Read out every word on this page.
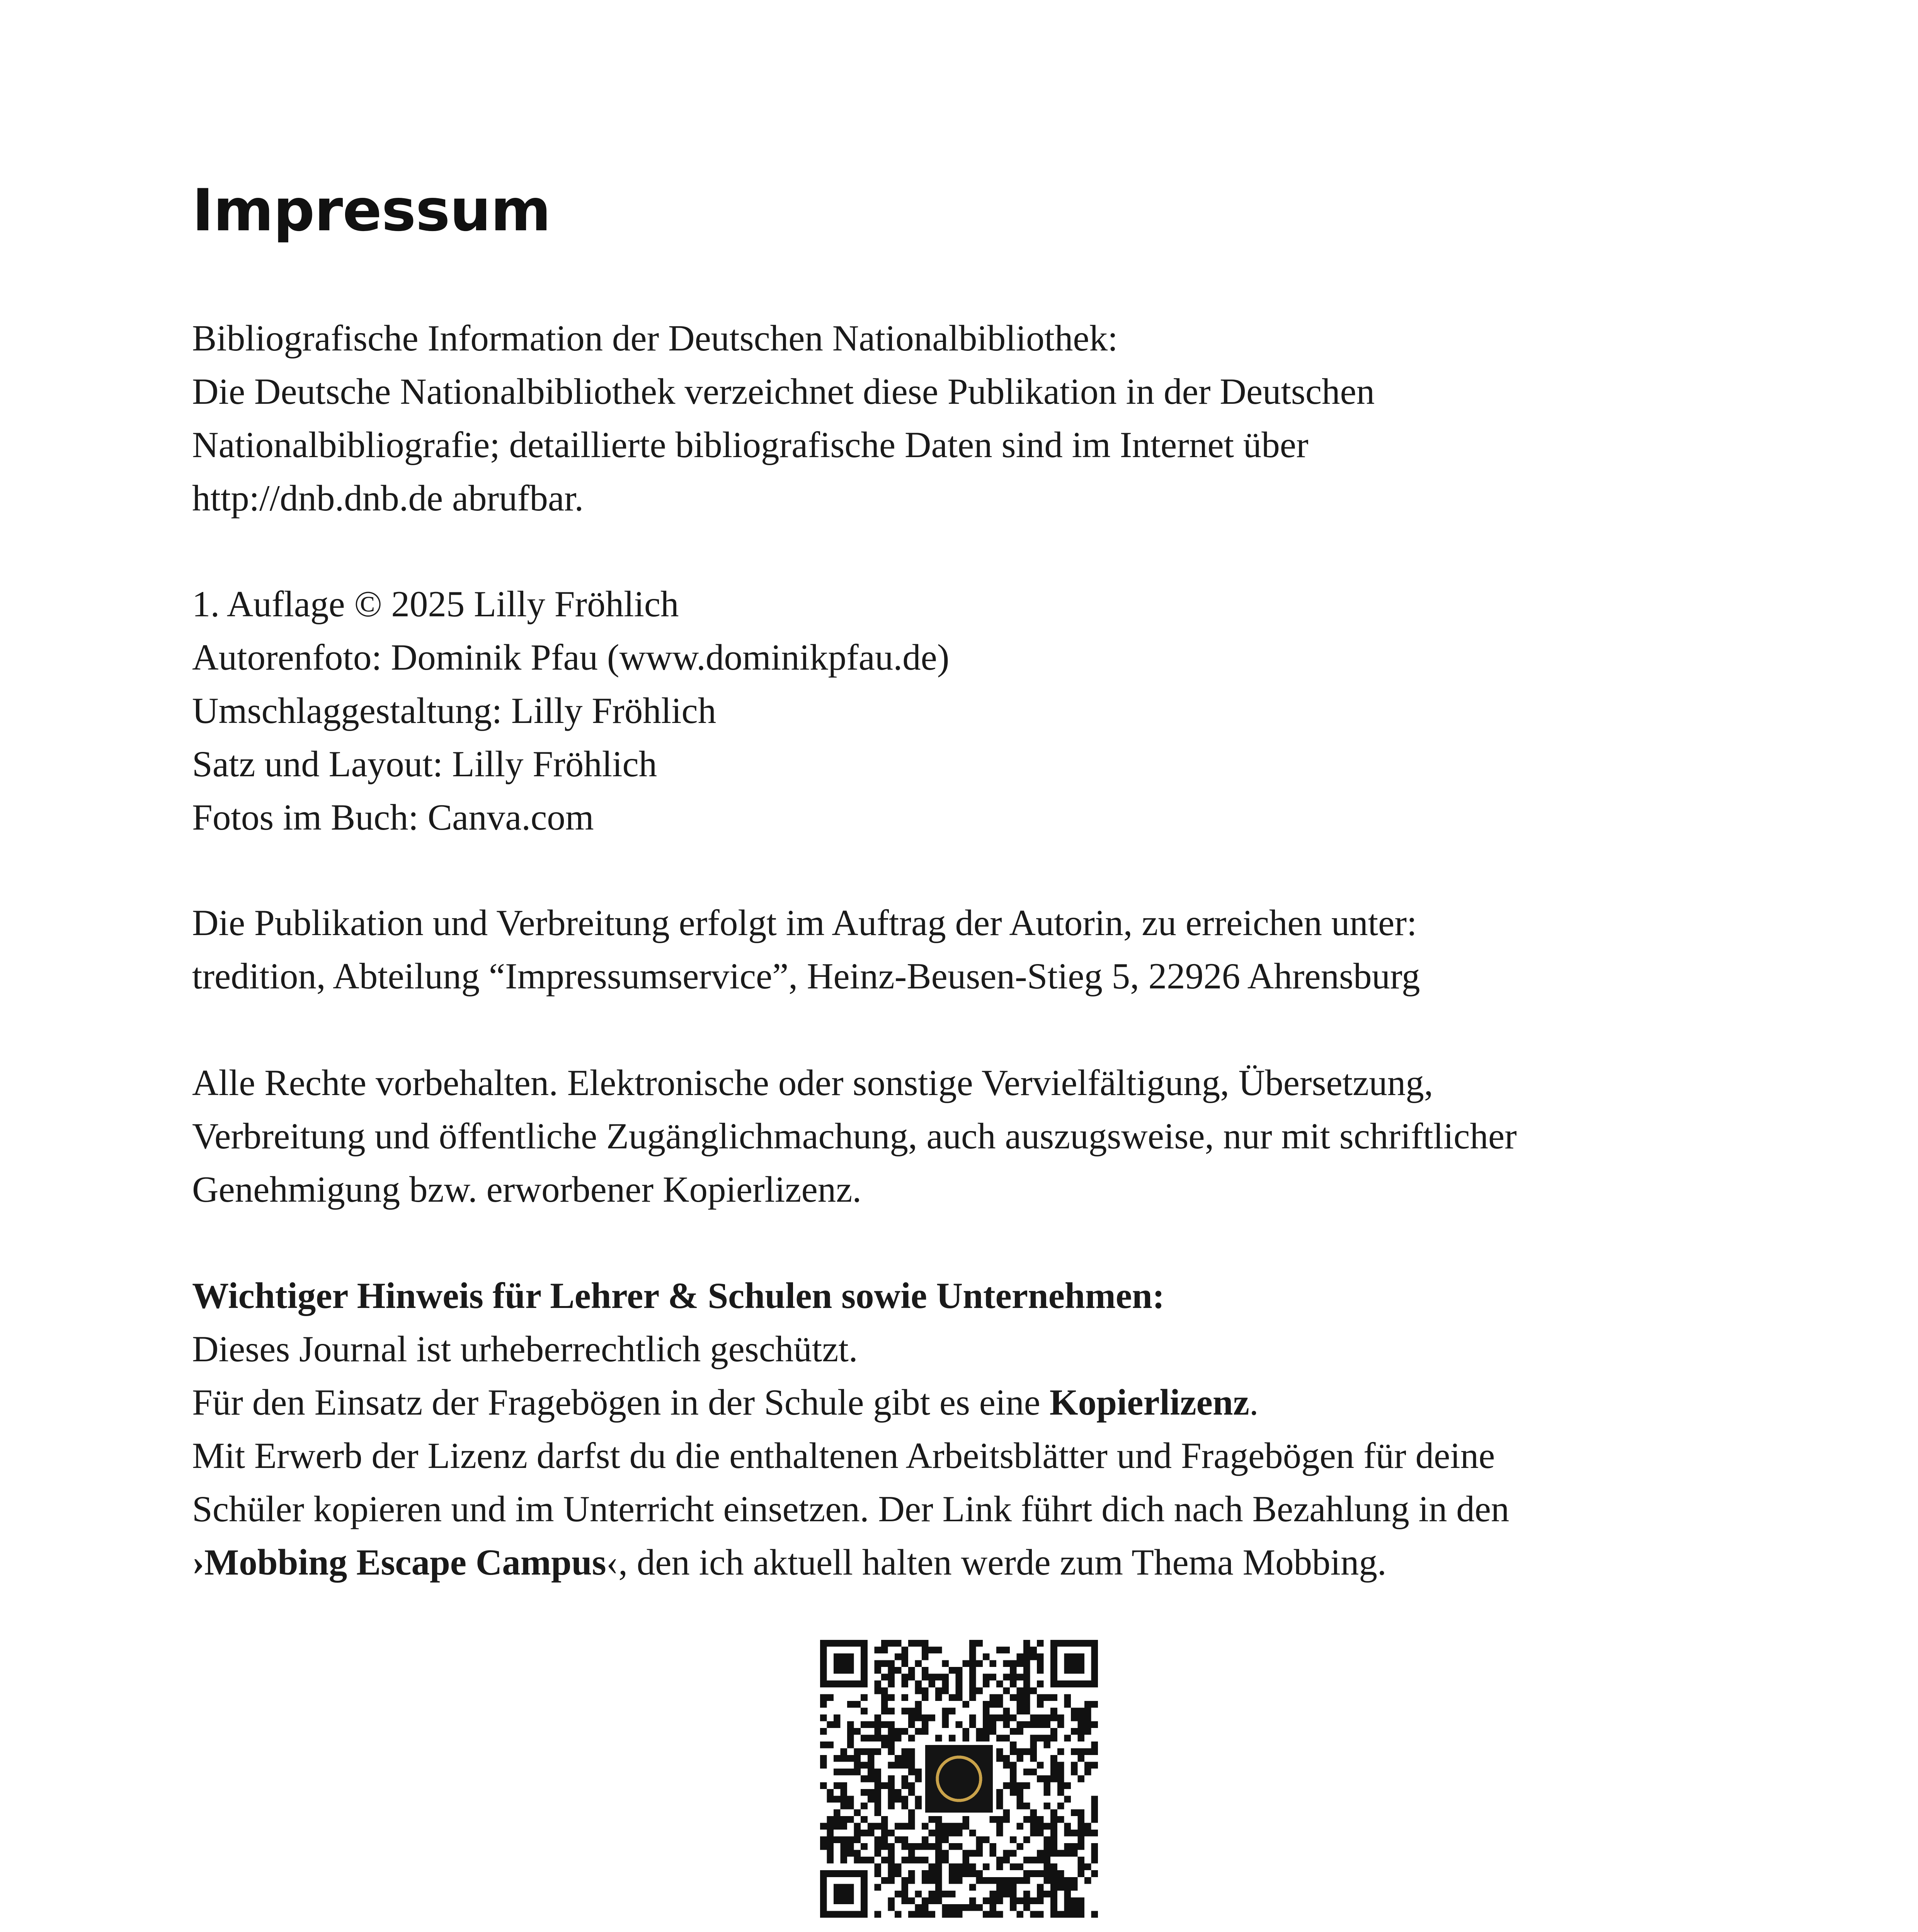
Impressum

Bibliografische Information der Deutschen Nationalbibliothek:

Die Deutsche Nationalbibliothek verzeichnet diese Publikation in der Deutschen

Nationalbibliografie; detaillierte bibliografische Daten sind im Internet über

http://dnb.dnb.de abrufbar.

1. Auflage © 2025 Lilly Fröhlich

Autorenfoto: Dominik Pfau (www.dominikpfau.de)

Umschlaggestaltung: Lilly Fröhlich

Satz und Layout: Lilly Fröhlich

Fotos im Buch: Canva.com

Die Publikation und Verbreitung erfolgt im Auftrag der Autorin, zu erreichen unter:

tredition, Abteilung “Impressumservice”, Heinz-Beusen-Stieg 5, 22926 Ahrensburg

Alle Rechte vorbehalten. Elektronische oder sonstige Vervielfältigung, Übersetzung,

Verbreitung und öffentliche Zugänglichmachung, auch auszugsweise, nur mit schriftlicher

Genehmigung bzw. erworbener Kopierlizenz.

Wichtiger Hinweis für Lehrer & Schulen sowie Unternehmen:

Dieses Journal ist urheberrechtlich geschützt.

Für den Einsatz der Fragebögen in der Schule gibt es eine Kopierlizenz.

Mit Erwerb der Lizenz darfst du die enthaltenen Arbeitsblätter und Fragebögen für deine

Schüler kopieren und im Unterricht einsetzen. Der Link führt dich nach Bezahlung in den

›Mobbing Escape Campus‹, den ich aktuell halten werde zum Thema Mobbing.
